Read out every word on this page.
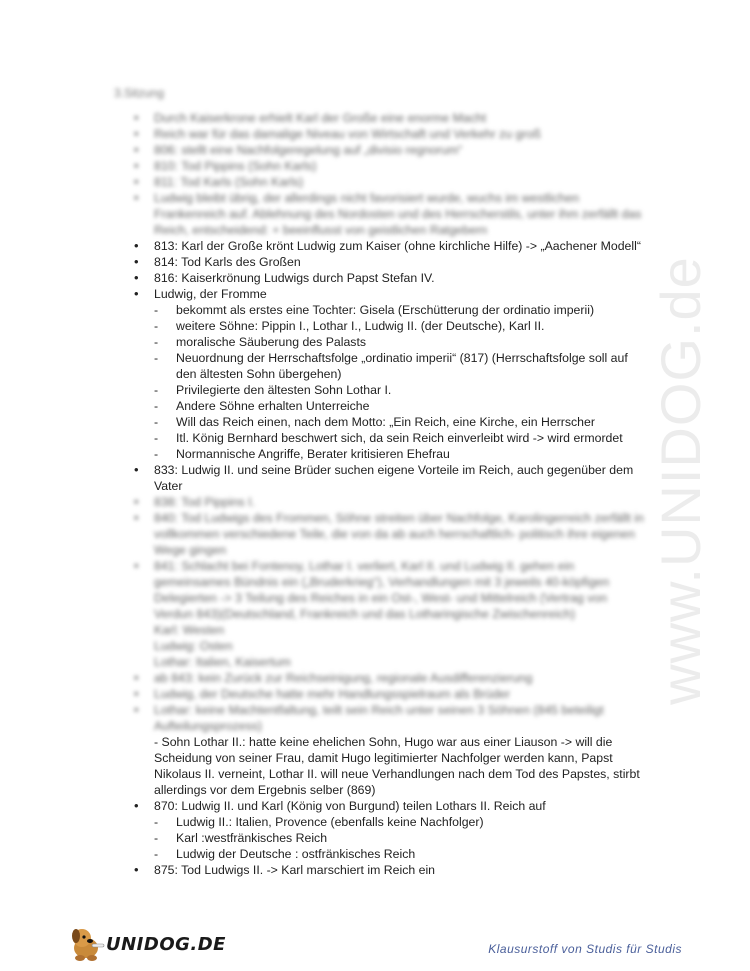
www.UNIDOG.de
3.Sitzung
• Durch Kaiserkrone erhielt Karl der Große eine enorme Macht
• Reich war für das damalige Niveau von Wirtschaft und Verkehr zu groß
• 806: stellt eine Nachfolgeregelung auf „divisio regnorum“
• 810: Tod Pippins (Sohn Karls)
• 811: Tod Karls (Sohn Karls)
• Ludwig bleibt übrig, der allerdings nicht favorisiert wurde, wuchs im westlichen Frankenreich auf. Ablehnung des Nordosten und des Herrscherstils, unter ihm zerfällt das Reich, entscheidend: + beeinflusst von geistlichen Ratgebern
• 813: Karl der Große krönt Ludwig zum Kaiser (ohne kirchliche Hilfe) -> „Aachener Modell“
• 814: Tod Karls des Großen
• 816: Kaiserkrönung Ludwigs durch Papst Stefan IV.
• Ludwig, der Fromme
- bekommt als erstes eine Tochter: Gisela (Erschütterung der ordinatio imperii)
- weitere Söhne: Pippin I., Lothar I., Ludwig II. (der Deutsche), Karl II.
- moralische Säuberung des Palasts
- Neuordnung der Herrschaftsfolge „ordinatio imperii“ (817) (Herrschaftsfolge soll auf den ältesten Sohn übergehen)
- Privilegierte den ältesten Sohn Lothar I.
- Andere Söhne erhalten Unterreiche
- Will das Reich einen, nach dem Motto: „Ein Reich, eine Kirche, ein Herrscher
- Itl. König Bernhard beschwert sich, da sein Reich einverleibt wird -> wird ermordet
- Normannische Angriffe, Berater kritisieren Ehefrau
• 833: Ludwig II. und seine Brüder suchen eigene Vorteile im Reich, auch gegenüber dem Vater
• 838: Tod Pippins I.
• 840: Tod Ludwigs des Frommen, Söhne streiten über Nachfolge, Karolingerreich zerfällt in vollkommen verschiedene Teile, die von da ab auch herrschaftlich- politisch ihre eigenen Wege gingen
• 841: Schlacht bei Fontenoy, Lothar I. verliert, Karl II. und Ludwig II. gehen ein gemeinsames Bündnis ein („Bruderkrieg“), Verhandlungen mit 3 jeweils 40-köpfigen Delegierten -> 3 Teilung des Reiches in ein Ost-, West- und Mittelreich (Vertrag von Verdun 843)(Deutschland, Frankreich und das Lotharingische Zwischenreich)
Karl: Westen
Ludwig: Osten
Lothar: Italien, Kaisertum
• ab 843: kein Zurück zur Reichseinigung, regionale Ausdifferenzierung
• Ludwig, der Deutsche hatte mehr Handlungsspielraum als Brüder
• Lothar: keine Machtentfaltung, teilt sein Reich unter seinen 3 Söhnen (845 beteiligt Aufteilungsprozess)
- Sohn Lothar II.: hatte keine ehelichen Sohn, Hugo war aus einer Liauson -> will die Scheidung von seiner Frau, damit Hugo legitimierter Nachfolger werden kann, Papst Nikolaus II. verneint, Lothar II. will neue Verhandlungen nach dem Tod des Papstes, stirbt allerdings vor dem Ergebnis selber (869)
• 870: Ludwig II. und Karl (König von Burgund) teilen Lothars II. Reich auf
- Ludwig II.: Italien, Provence (ebenfalls keine Nachfolger)
- Karl :westfränkisches Reich
- Ludwig der Deutsche : ostfränkisches Reich
• 875: Tod Ludwigs II. -> Karl marschiert im Reich ein
UNIDOG.DE	Klausurstoff von Studis für Studis
